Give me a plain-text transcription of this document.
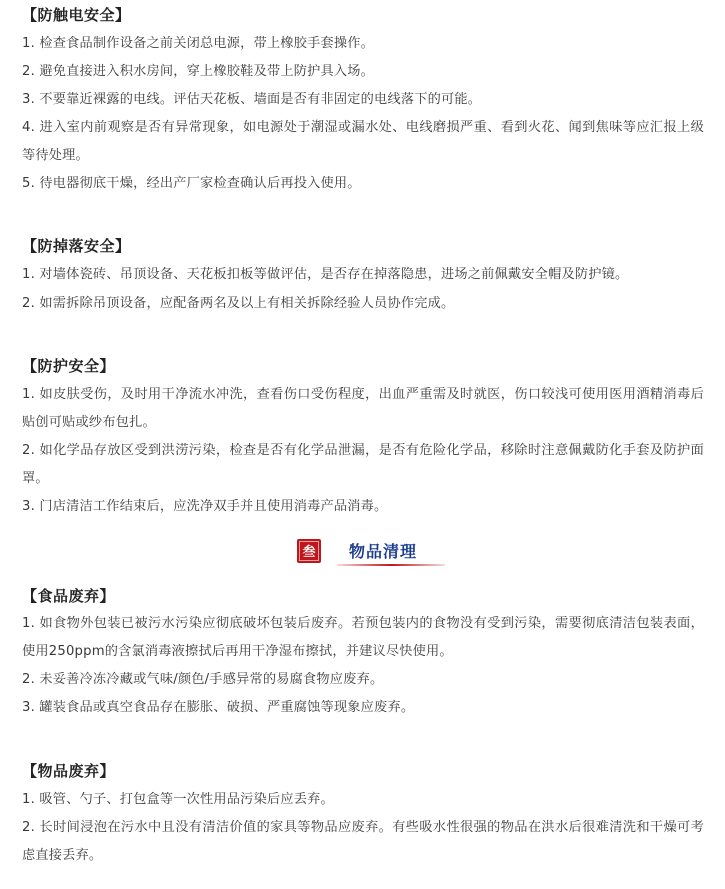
【防触电安全】
1. 检查食品制作设备之前关闭总电源，带上橡胶手套操作。
2. 避免直接进入积水房间，穿上橡胶鞋及带上防护具入场。
3. 不要靠近裸露的电线。评估天花板、墙面是否有非固定的电线落下的可能。
4. 进入室内前观察是否有异常现象，如电源处于潮湿或漏水处、电线磨损严重、看到火花、闻到焦味等应汇报上级等待处理。
5. 待电器彻底干燥，经出产厂家检查确认后再投入使用。
【防掉落安全】
1. 对墙体瓷砖、吊顶设备、天花板扣板等做评估，是否存在掉落隐患，进场之前佩戴安全帽及防护镜。
2. 如需拆除吊顶设备，应配备两名及以上有相关拆除经验人员协作完成。
【防护安全】
1. 如皮肤受伤，及时用干净流水冲洗，查看伤口受伤程度，出血严重需及时就医，伤口较浅可使用医用酒精消毒后贴创可贴或纱布包扎。
2. 如化学品存放区受到洪涝污染，检查是否有化学品泄漏，是否有危险化学品，移除时注意佩戴防化手套及防护面罩。
3. 门店清洁工作结束后，应洗净双手并且使用消毒产品消毒。
叁 物品清理
【食品废弃】
1. 如食物外包装已被污水污染应彻底破坏包装后废弃。若预包装内的食物没有受到污染，需要彻底清洁包装表面，使用250ppm的含氯消毒液擦拭后再用干净湿布擦拭，并建议尽快使用。
2. 未妥善冷冻冷藏或气味/颜色/手感异常的易腐食物应废弃。
3. 罐装食品或真空食品存在膨胀、破损、严重腐蚀等现象应废弃。
【物品废弃】
1. 吸管、勺子、打包盒等一次性用品污染后应丢弃。
2. 长时间浸泡在污水中且没有清洁价值的家具等物品应废弃。有些吸水性很强的物品在洪水后很难清洗和干燥可考虑直接丢弃。
